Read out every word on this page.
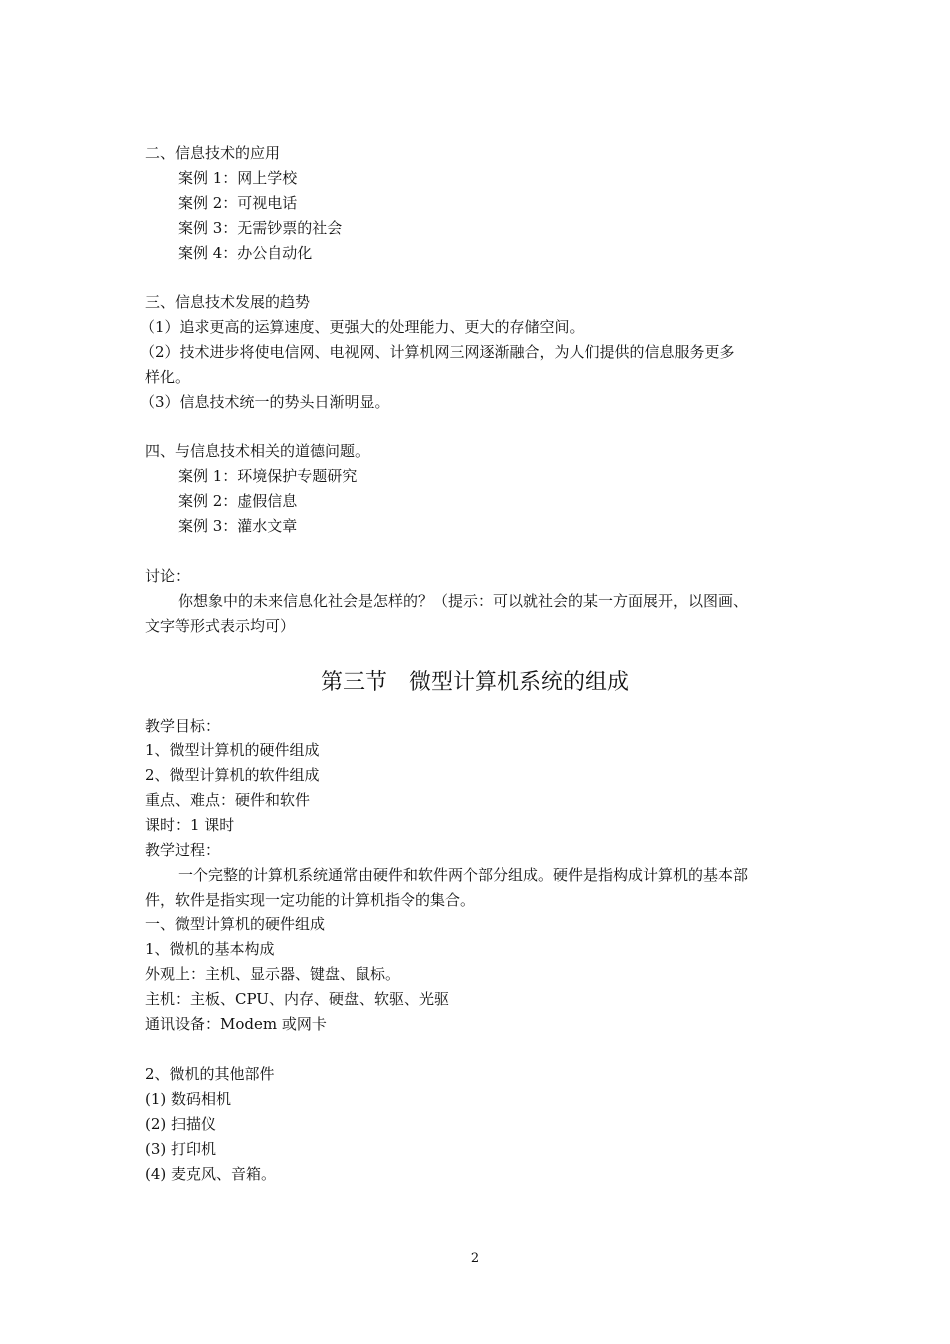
二、信息技术的应用
案例 1：网上学校
案例 2：可视电话
案例 3：无需钞票的社会
案例 4：办公自动化
三、信息技术发展的趋势
（1）追求更高的运算速度、更强大的处理能力、更大的存储空间。
（2）技术进步将使电信网、电视网、计算机网三网逐渐融合，为人们提供的信息服务更多
样化。
（3）信息技术统一的势头日渐明显。
四、与信息技术相关的道德问题。
案例 1：环境保护专题研究
案例 2：虚假信息
案例 3：灌水文章
讨论：
你想象中的未来信息化社会是怎样的？（提示：可以就社会的某一方面展开，以图画、
文字等形式表示均可）
第三节　微型计算机系统的组成
教学目标：
1、微型计算机的硬件组成
2、微型计算机的软件组成
重点、难点：硬件和软件
课时：1 课时
教学过程：
一个完整的计算机系统通常由硬件和软件两个部分组成。硬件是指构成计算机的基本部
件，软件是指实现一定功能的计算机指令的集合。
一、微型计算机的硬件组成
1、微机的基本构成
外观上：主机、显示器、键盘、鼠标。
主机：主板、CPU、内存、硬盘、软驱、光驱
通讯设备：Modem 或网卡
2、微机的其他部件
(1) 数码相机
(2) 扫描仪
(3) 打印机
(4) 麦克风、音箱。
2
